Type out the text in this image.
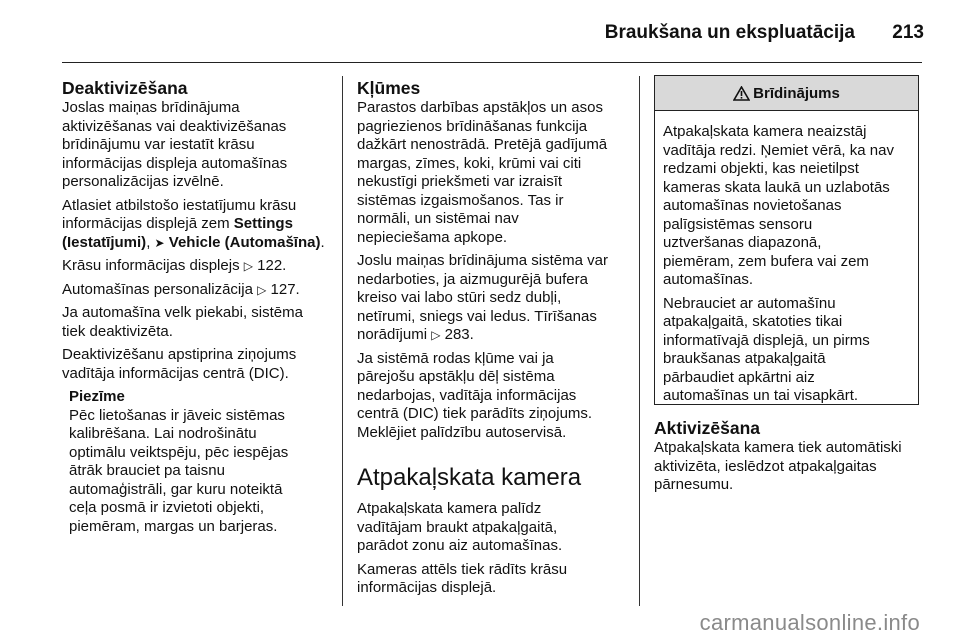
Braukšana un ekspluatācija 213
Deaktivizēšana

Joslas maiņas brīdinājuma
aktivizēšanas vai deaktivizēšanas
brīdinājumu var iestatīt krāsu
informācijas displeja automašīnas
personalizācijas izvēlnē.

Atlasiet atbilstošo iestatījumu krāsu
informācijas displejā zem Settings
(Iestatījumi), ➤ Vehicle (Automašīna).

Krāsu informācijas displejs ▷ 122.

Automašīnas personalizācija ▷ 127.

Ja automašīna velk piekabi, sistēma
tiek deaktivizēta.

Deaktivizēšanu apstiprina ziņojums
vadītāja informācijas centrā (DIC).

Piezīme
Pēc lietošanas ir jāveic sistēmas
kalibrēšana. Lai nodrošinātu
optimālu veiktspēju, pēc iespējas
ātrāk brauciet pa taisnu
automaģistrāli, gar kuru noteiktā
ceļa posmā ir izvietoti objekti,
piemēram, margas un barjeras.
Kļūmes

Parastos darbības apstākļos un asos
pagriezienos brīdināšanas funkcija
dažkārt nenostrādā. Pretējā gadījumā
margas, zīmes, koki, krūmi vai citi
nekustīgi priekšmeti var izraisīt
sistēmas izgaismošanos. Tas ir
normāli, un sistēmai nav
nepieciešama apkope.

Joslu maiņas brīdinājuma sistēma var
nedarboties, ja aizmugurējā bufera
kreiso vai labo stūri sedz dubļi,
netīrumi, sniegs vai ledus. Tīrīšanas
norādījumi ▷ 283.

Ja sistēmā rodas kļūme vai ja
pārejošu apstākļu dēļ sistēma
nedarbojas, vadītāja informācijas
centrā (DIC) tiek parādīts ziņojums.
Meklējiet palīdzību autoservisā.

Atpakaļskata kamera

Atpakaļskata kamera palīdz
vadītājam braukt atpakaļgaitā,
parādot zonu aiz automašīnas.

Kameras attēls tiek rādīts krāsu
informācijas displejā.

Brīdinājums

Atpakaļskata kamera neaizstāj
vadītāja redzi. Ņemiet vērā, ka nav
redzami objekti, kas neietilpst
kameras skata laukā un uzlabotās
automašīnas novietošanas
palīgsistēmas sensoru
uztveršanas diapazonā,
piemēram, zem bufera vai zem
automašīnas.

Nebrauciet ar automašīnu
atpakaļgaitā, skatoties tikai
informatīvajā displejā, un pirms
braukšanas atpakaļgaitā
pārbaudiet apkārtni aiz
automašīnas un tai visapkārt.

Aktivizēšana

Atpakaļskata kamera tiek automātiski
aktivizēta, ieslēdzot atpakaļgaitas
pārnesumu.

carmanualsonline.info
